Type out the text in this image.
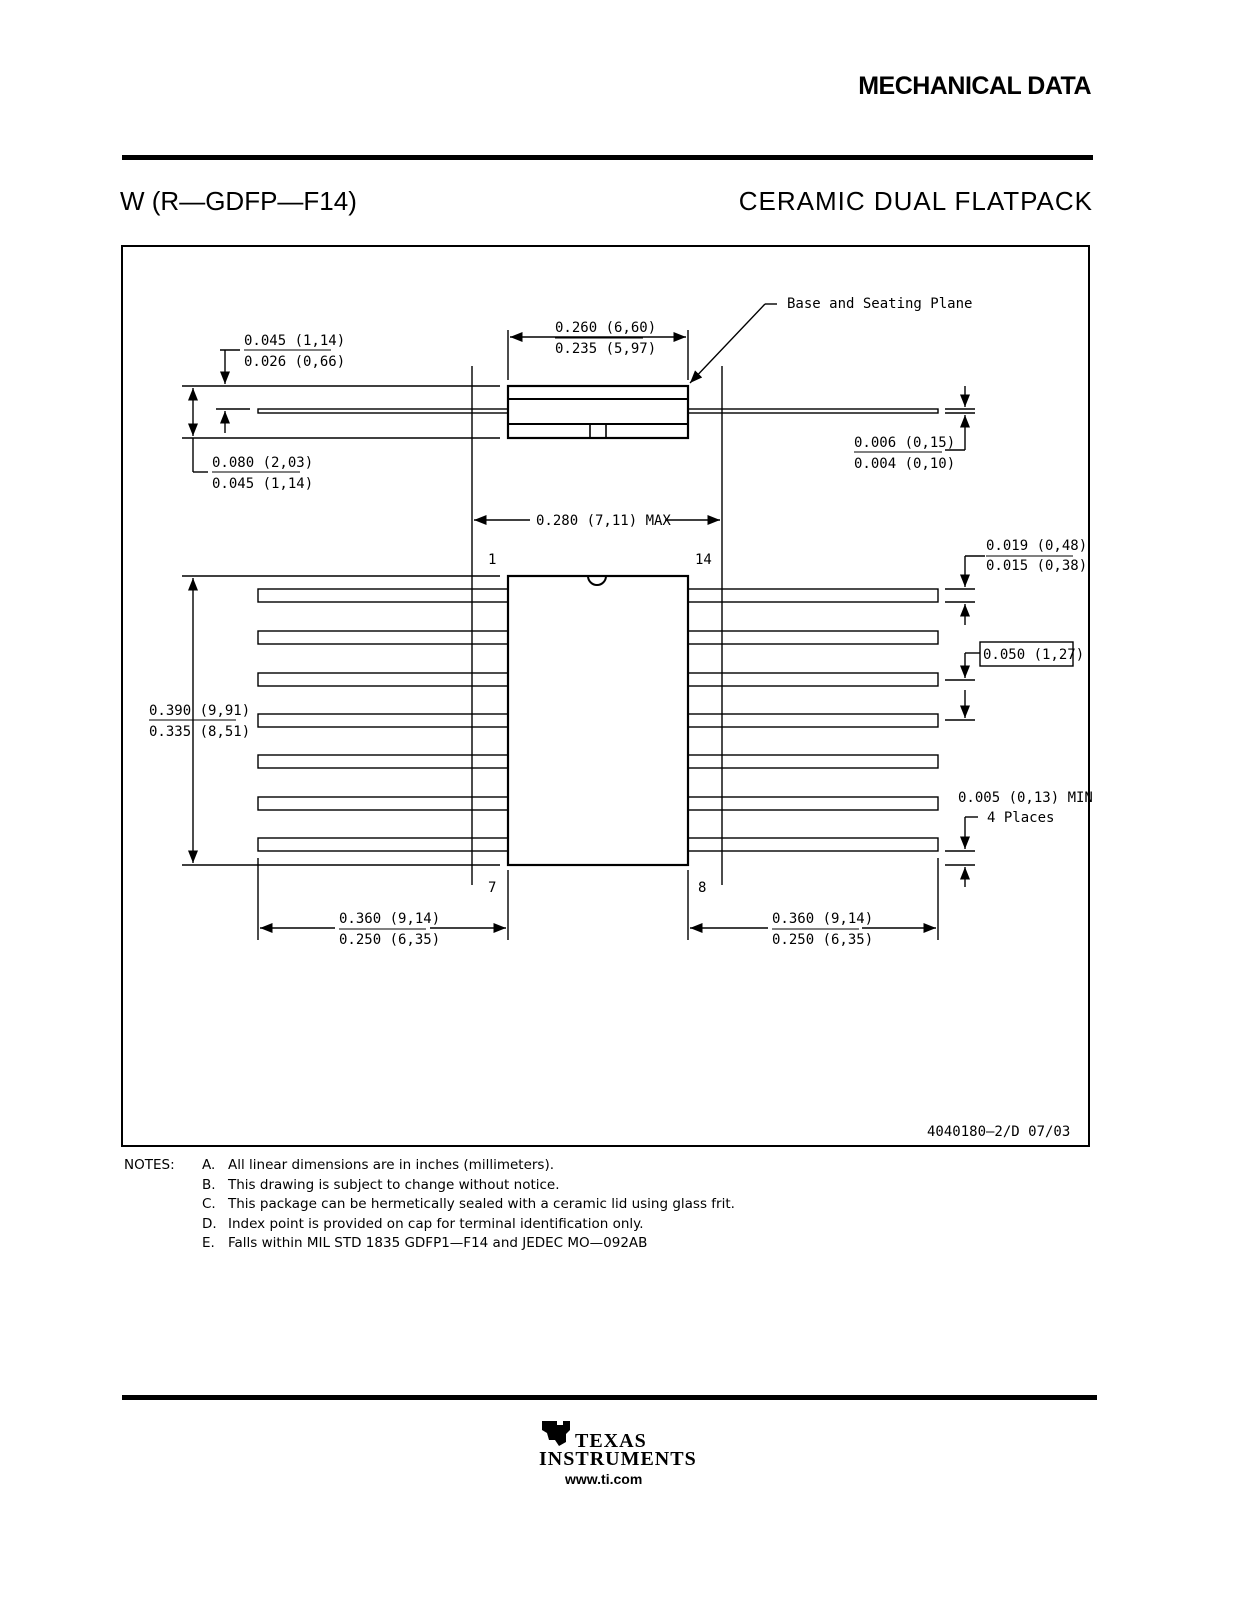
MECHANICAL DATA
W (R—GDFP—F14)	CERAMIC DUAL FLATPACK
Base and Seating Plane
0.260 (6,60)
0.235 (5,97)
0.045 (1,14)
0.026 (0,66)
0.080 (2,03)
0.045 (1,14)
0.006 (0,15)
0.004 (0,10)
0.280 (7,11) MAX
0.019 (0,48)
0.015 (0,38)
0.050 (1,27)
0.390 (9,91)
0.335 (8,51)
0.005 (0,13) MIN
4 Places
0.360 (9,14)
0.250 (6,35)
0.360 (9,14)
0.250 (6,35)
1	14
7	8
4040180—2/D 07/03
NOTES: A. All linear dimensions are in inches (millimeters).
B. This drawing is subject to change without notice.
C. This package can be hermetically sealed with a ceramic lid using glass frit.
D. Index point is provided on cap for terminal identification only.
E. Falls within MIL STD 1835 GDFP1—F14 and JEDEC MO—092AB
ti TEXAS
INSTRUMENTS
www.ti.com
